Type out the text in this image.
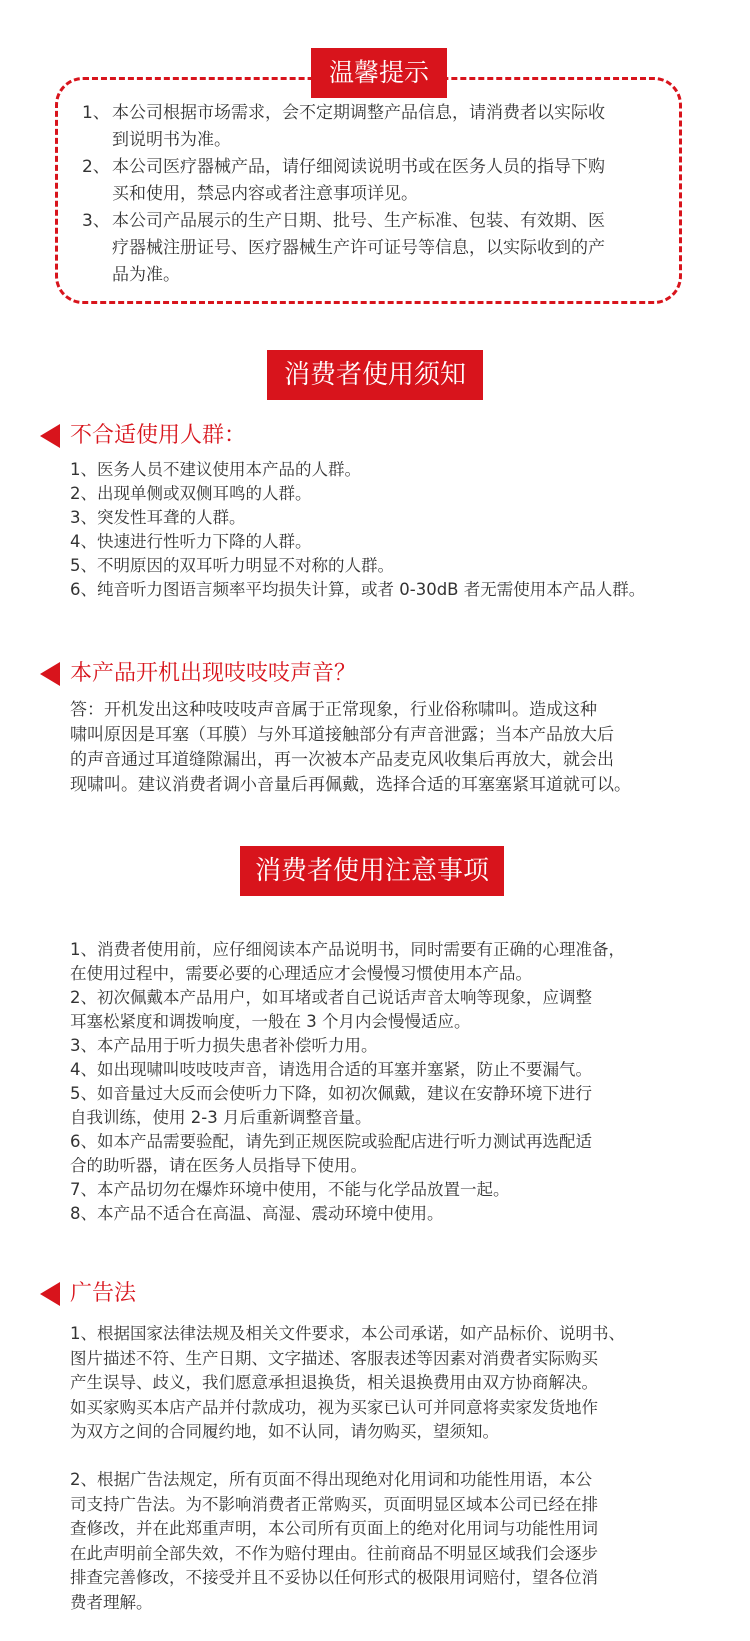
温馨提示
1、 本公司根据市场需求，会不定期调整产品信息，请消费者以实际收
到说明书为准。
2、 本公司医疗器械产品，请仔细阅读说明书或在医务人员的指导下购
买和使用，禁忌内容或者注意事项详见。
3、 本公司产品展示的生产日期、批号、生产标准、包装、有效期、医
疗器械注册证号、医疗器械生产许可证号等信息，以实际收到的产
品为准。
消费者使用须知
不合适使用人群：
1、医务人员不建议使用本产品的人群。
2、出现单侧或双侧耳鸣的人群。
3、突发性耳聋的人群。
4、快速进行性听力下降的人群。
5、不明原因的双耳听力明显不对称的人群。
6、纯音听力图语言频率平均损失计算，或者 0-30dB 者无需使用本产品人群。
本产品开机出现吱吱吱声音？
答：开机发出这种吱吱吱声音属于正常现象，行业俗称啸叫。造成这种
啸叫原因是耳塞（耳膜）与外耳道接触部分有声音泄露；当本产品放大后
的声音通过耳道缝隙漏出，再一次被本产品麦克风收集后再放大，就会出
现啸叫。建议消费者调小音量后再佩戴，选择合适的耳塞塞紧耳道就可以。
消费者使用注意事项
1、消费者使用前，应仔细阅读本产品说明书，同时需要有正确的心理准备，
在使用过程中，需要必要的心理适应才会慢慢习惯使用本产品。
2、初次佩戴本产品用户，如耳堵或者自己说话声音太响等现象，应调整
耳塞松紧度和调拨响度，一般在 3 个月内会慢慢适应。
3、本产品用于听力损失患者补偿听力用。
4、如出现啸叫吱吱吱声音，请选用合适的耳塞并塞紧，防止不要漏气。
5、如音量过大反而会使听力下降，如初次佩戴，建议在安静环境下进行
自我训练，使用 2-3 月后重新调整音量。
6、如本产品需要验配，请先到正规医院或验配店进行听力测试再选配适
合的助听器，请在医务人员指导下使用。
7、本产品切勿在爆炸环境中使用，不能与化学品放置一起。
8、本产品不适合在高温、高湿、震动环境中使用。
广告法
1、根据国家法律法规及相关文件要求，本公司承诺，如产品标价、说明书、
图片描述不符、生产日期、文字描述、客服表述等因素对消费者实际购买
产生误导、歧义，我们愿意承担退换货，相关退换费用由双方协商解决。
如买家购买本店产品并付款成功，视为买家已认可并同意将卖家发货地作
为双方之间的合同履约地，如不认同，请勿购买，望须知。
2、根据广告法规定，所有页面不得出现绝对化用词和功能性用语，本公
司支持广告法。为不影响消费者正常购买，页面明显区域本公司已经在排
查修改，并在此郑重声明，本公司所有页面上的绝对化用词与功能性用词
在此声明前全部失效，不作为赔付理由。往前商品不明显区域我们会逐步
排查完善修改，不接受并且不妥协以任何形式的极限用词赔付，望各位消
费者理解。
